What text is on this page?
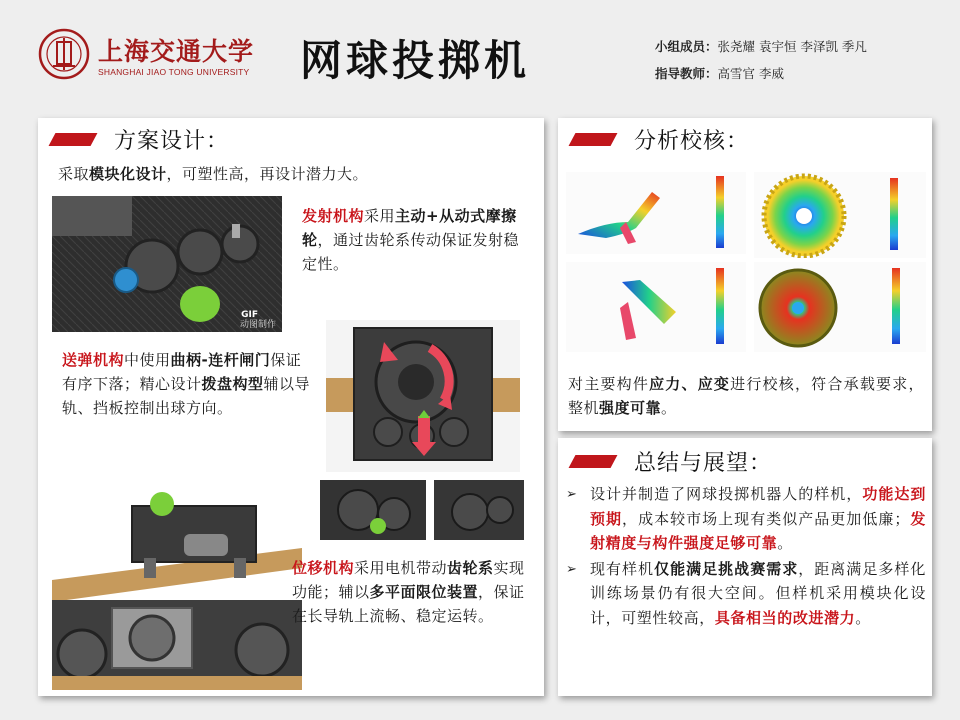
上海交通大学
SHANGHAI JIAO TONG UNIVERSITY 网球投掷机	小组成员：张尧耀 袁宇恒 李泽凯 季凡
指导教师：高雪官 李威
方案设计：
采取模块化设计，可塑性高，再设计潜力大。
GIF
动图制作
发射机构采用主动+从动式摩擦轮，通过齿轮系传动保证发射稳定性。
送弹机构中使用曲柄-连杆闸门保证有序下落；精心设计拨盘构型辅以导轨、挡板控制出球方向。
位移机构采用电机带动齿轮系实现功能；辅以多平面限位装置，保证在长导轨上流畅、稳定运转。
分析校核：
对主要构件应力、应变进行校核，符合承载要求，整机强度可靠。
总结与展望：
➢ 设计并制造了网球投掷机器人的样机，功能达到预期，成本较市场上现有类似产品更加低廉；发射精度与构件强度足够可靠。
➢ 现有样机仅能满足挑战赛需求，距离满足多样化训练场景仍有很大空间。但样机采用模块化设计，可塑性较高，具备相当的改进潜力。
